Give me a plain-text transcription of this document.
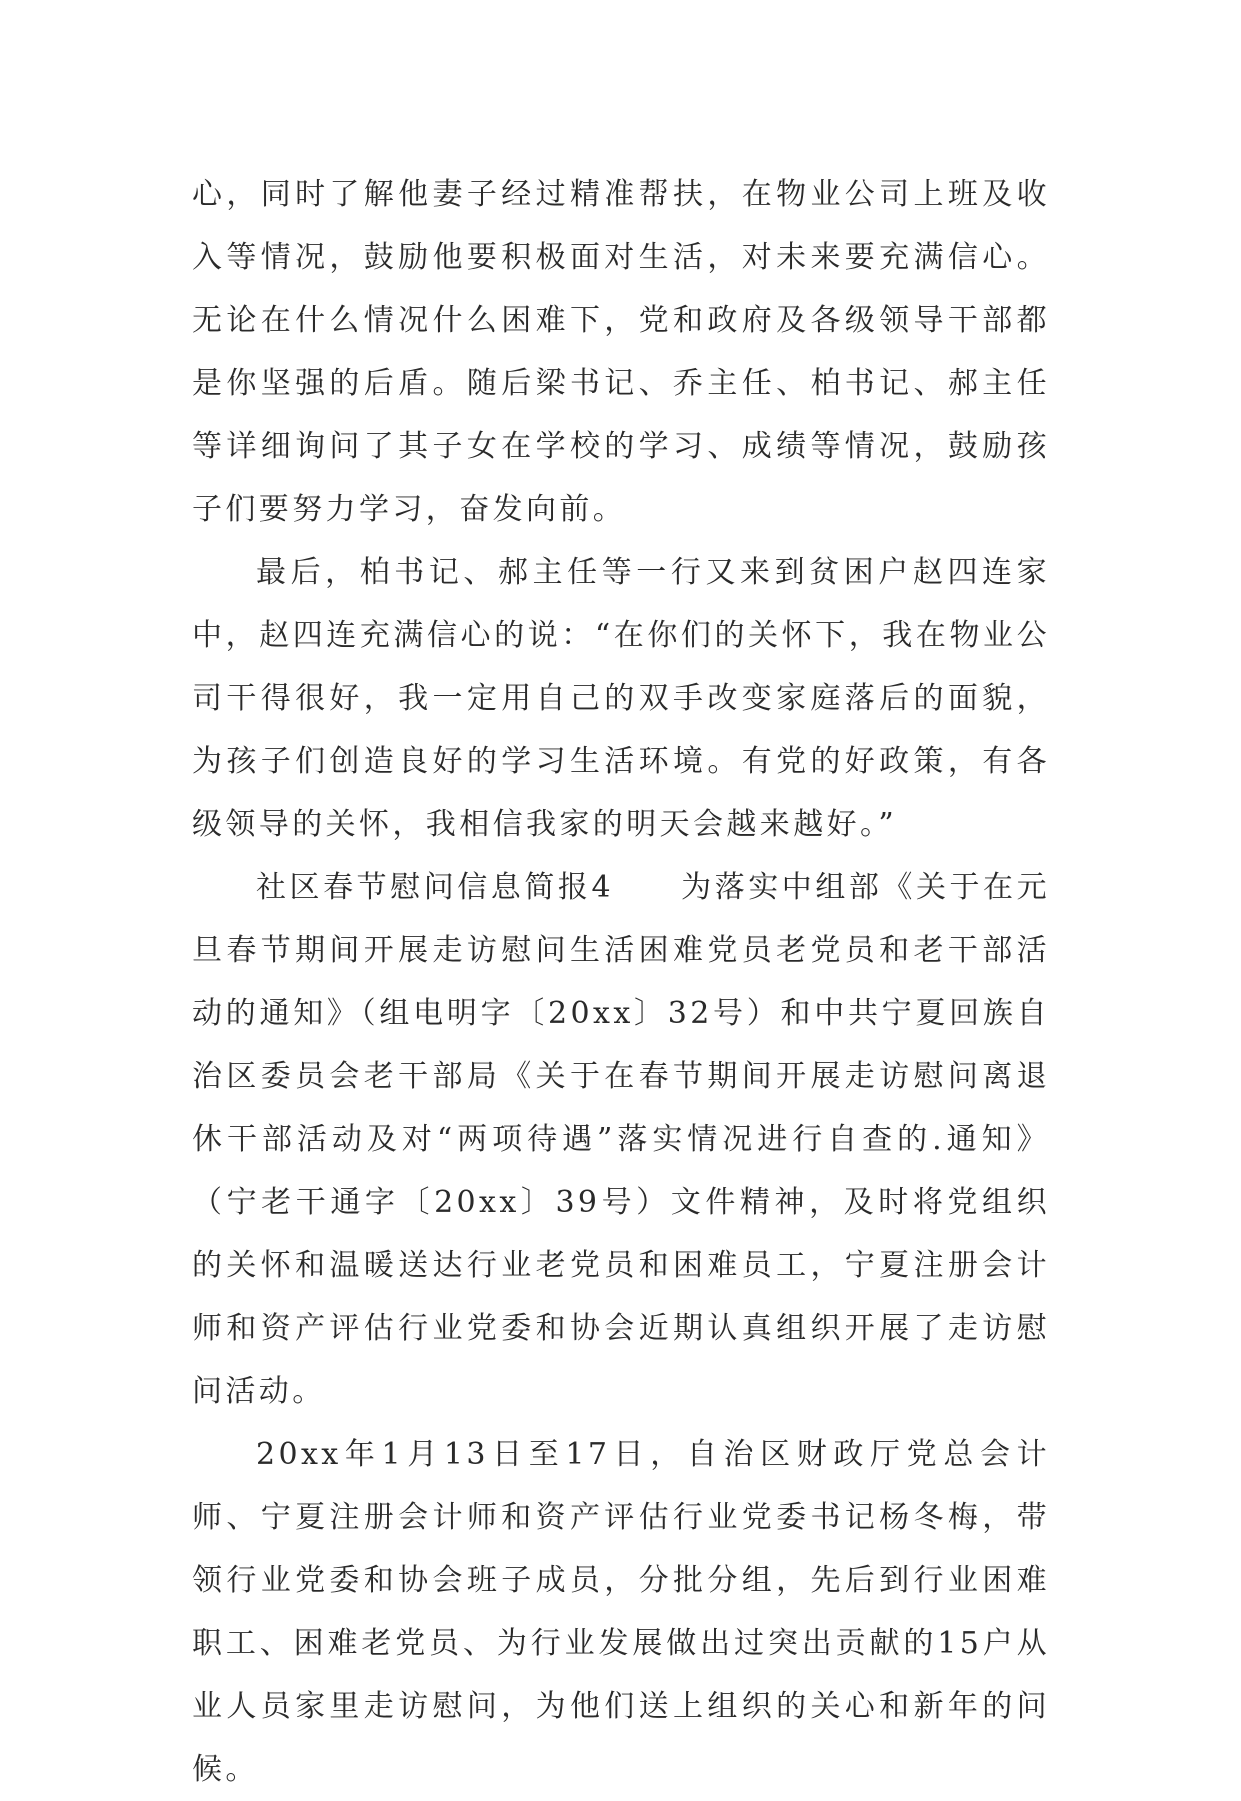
心，同时了解他妻子经过精准帮扶，在物业公司上班及收入等情况，鼓励他要积极面对生活，对未来要充满信心。无论在什么情况什么困难下，党和政府及各级领导干部都是你坚强的后盾。随后梁书记、乔主任、柏书记、郝主任等详细询问了其子女在学校的学习、成绩等情况，鼓励孩子们要努力学习，奋发向前。

最后，柏书记、郝主任等一行又来到贫困户赵四连家中，赵四连充满信心的说：“在你们的关怀下，我在物业公司干得很好，我一定用自己的双手改变家庭落后的面貌，为孩子们创造良好的学习生活环境。有党的好政策，有各级领导的关怀，我相信我家的明天会越来越好。”

社区春节慰问信息简报4　　为落实中组部《关于在元旦春节期间开展走访慰问生活困难党员老党员和老干部活动的通知》（组电明字〔20xx〕32号）和中共宁夏回族自治区委员会老干部局《关于在春节期间开展走访慰问离退休干部活动及对“两项待遇”落实情况进行自查的.通知》（宁老干通字〔20xx〕39号）文件精神，及时将党组织的关怀和温暖送达行业老党员和困难员工，宁夏注册会计师和资产评估行业党委和协会近期认真组织开展了走访慰问活动。

20xx年1月13日至17日，自治区财政厅党总会计师、宁夏注册会计师和资产评估行业党委书记杨冬梅，带领行业党委和协会班子成员，分批分组，先后到行业困难职工、困难老党员、为行业发展做出过突出贡献的15户从业人员家里走访慰问，为他们送上组织的关心和新年的问候。
